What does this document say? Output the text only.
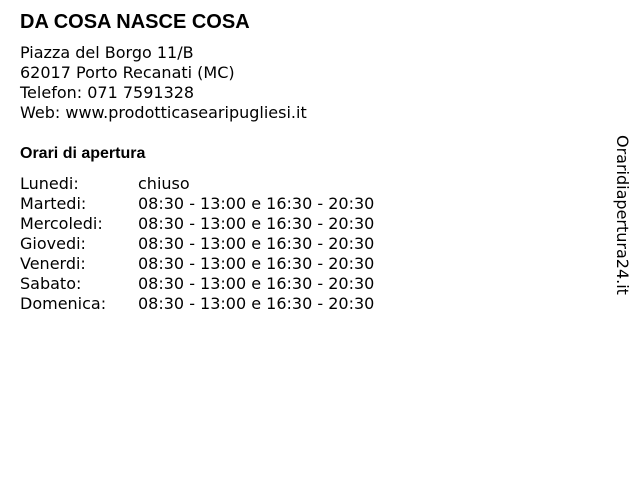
DA COSA NASCE COSA
Piazza del Borgo 11/B
62017 Porto Recanati (MC)
Telefon: 071 7591328
Web: www.prodotticasearipugliesi.it
Orari di apertura
Lunedi:	chiuso
Martedi:	08:30 - 13:00 e 16:30 - 20:30
Mercoledi: 08:30 - 13:00 e 16:30 - 20:30
Giovedi:	08:30 - 13:00 e 16:30 - 20:30
Venerdi:	08:30 - 13:00 e 16:30 - 20:30
Sabato:	08:30 - 13:00 e 16:30 - 20:30
Domenica: 08:30 - 13:00 e 16:30 - 20:30
Oraridiapertura24.it
